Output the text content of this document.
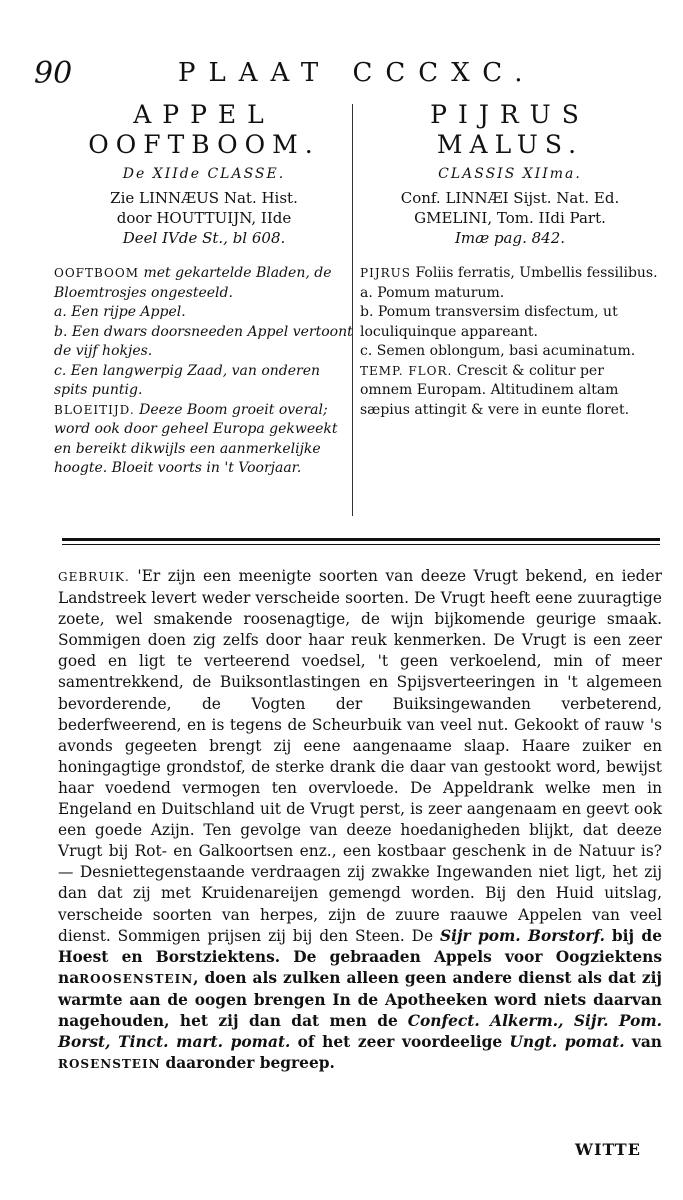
90	PLAAT CCCXC.
APPEL
OOFTBOOM.
De XIIde CLASSE.
Zie LINNÆUS Nat. Hist.
door HOUTTUIJN, IIde
Deel IVde St., bl 608.

OOFTBOOM met gekartelde Bladen, de Bloemtrosjes ongesteeld.

a. Een rijpe Appel.

b. Een dwars doorsneeden Appel vertoont de vijf hokjes.

c. Een langwerpig Zaad, van onderen spits puntig.

BLOEITIJD. Deeze Boom groeit overal; word ook door geheel Europa gekweekt en bereikt dikwijls een aanmerkelijke hoogte. Bloeit voorts in 't Voorjaar.

PIJRUS
MALUS.
CLASSIS XIIma.
Conf. LINNÆI Sijst. Nat. Ed.
GMELINI, Tom. IIdi Part.
Imæ pag. 842.

PIJRUS Foliis ferratis, Umbellis fessilibus.

a. Pomum maturum.

b. Pomum transversim disfectum, ut loculiquinque appareant.

c. Semen oblongum, basi acuminatum.

TEMP. FLOR. Crescit & colitur per omnem Europam. Altitudinem altam sæpius attingit & vere in eunte floret.

GEBRUIK. 'Er zijn een meenigte soorten van deeze Vrugt bekend, en ieder Landstreek levert weder verscheide soorten. De Vrugt heeft eene zuuragtige zoete, wel smakende roosenagtige, de wijn bijkomende geurige smaak. Sommigen doen zig zelfs door haar reuk kenmerken. De Vrugt is een zeer goed en ligt te verteerend voedsel, 't geen verkoelend, min of meer samentrekkend, de Buiksontlastingen en Spijsverteeringen in 't algemeen bevorderende, de Vogten der Buiksingewanden verbeterend, bederfweerend, en is tegens de Scheurbuik van veel nut. Gekookt of rauw 's avonds gegeeten brengt zij eene aangenaame slaap. Haare zuiker en honingagtige grondstof, de sterke drank die daar van gestookt word, bewijst haar voedend vermogen ten overvloede. De Appeldrank welke men in Engeland en Duitschland uit de Vrugt perst, is zeer aangenaam en geevt ook een goede Azijn. Ten gevolge van deeze hoedanigheden blijkt, dat deeze Vrugt bij Rot- en Galkoortsen enz., een kostbaar geschenk in de Natuur is? — Desniettegenstaande verdraagen zij zwakke Ingewanden niet ligt, het zij dan dat zij met Kruidenareijen gemengd worden. Bij den Huid uitslag, verscheide soorten van herpes, zijn de zuure raauwe Appelen van veel dienst. Sommigen prijsen zij bij den Steen. De Sijr pom. Borstorf. bij de Hoest en Borstziektens. De gebraaden Appels voor Oogziektens naROOSENSTEIN, doen als zulken alleen geen andere dienst als dat zij warmte aan de oogen brengen In de Apotheeken word niets daarvan nagehouden, het zij dan dat men de Confect. Alkerm., Sijr. Pom. Borst, Tinct. mart. pomat. of het zeer voordeelige Ungt. pomat. van ROSENSTEIN daaronder begreep.
WITTE
